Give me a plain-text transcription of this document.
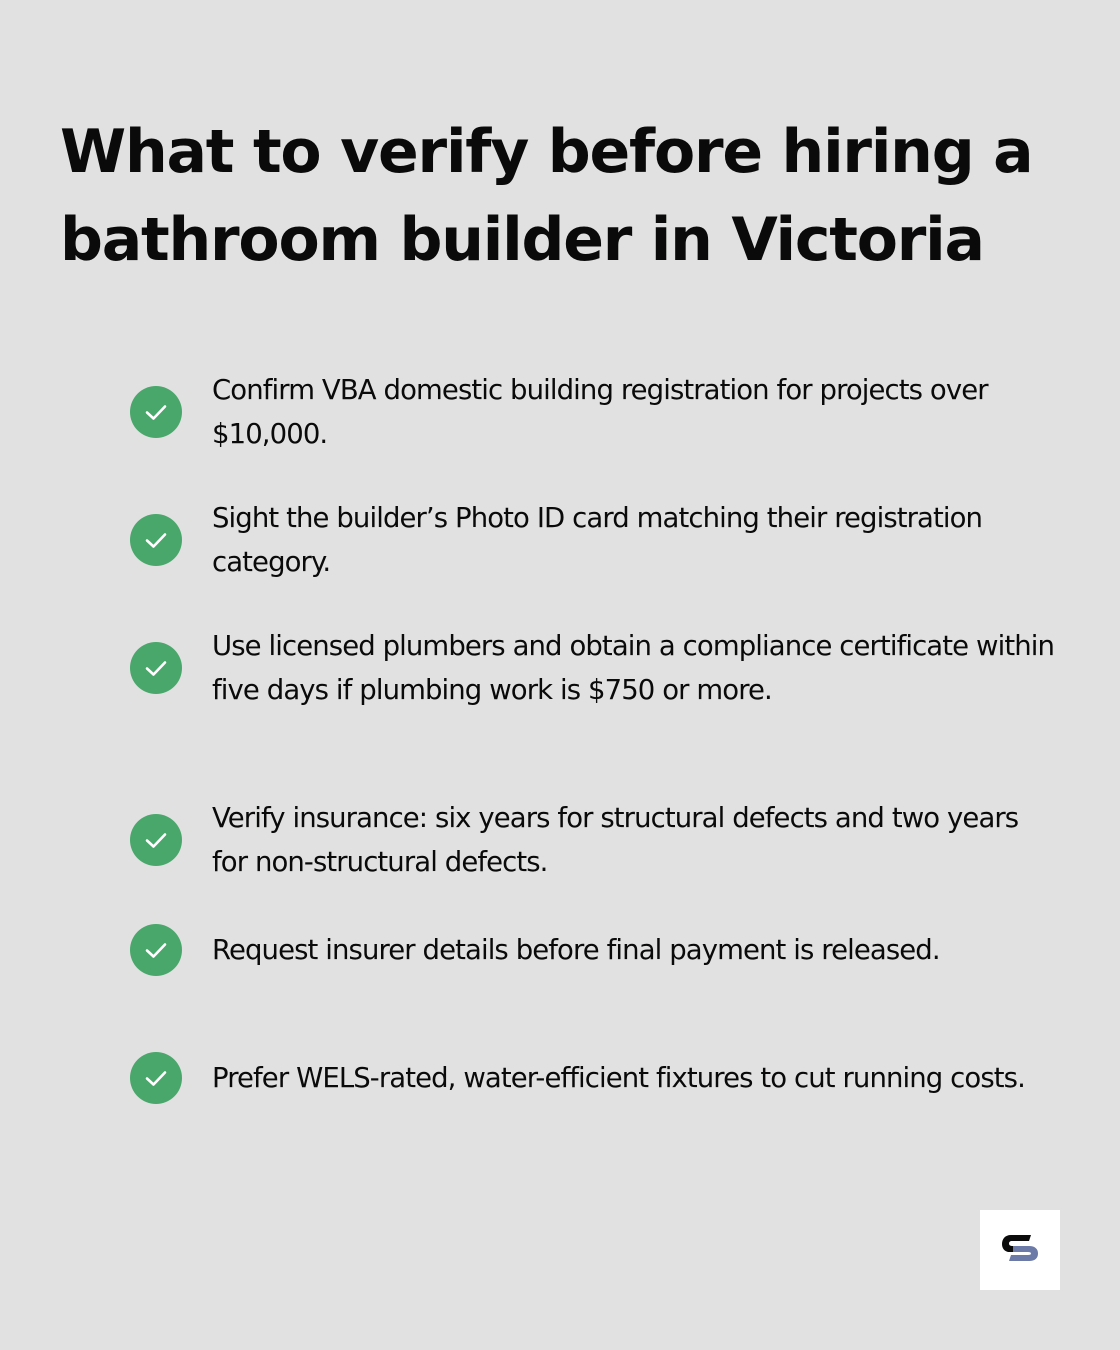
What to verify before hiring a bathroom builder in Victoria
Confirm VBA domestic building registration for projects over $10,000.
Sight the builder’s Photo ID card matching their registration category.
Use licensed plumbers and obtain a compliance certificate within five days if plumbing work is $750 or more.
Verify insurance: six years for structural defects and two years for non-structural defects.
Request insurer details before final payment is released.
Prefer WELS-rated, water-efficient fixtures to cut running costs.
